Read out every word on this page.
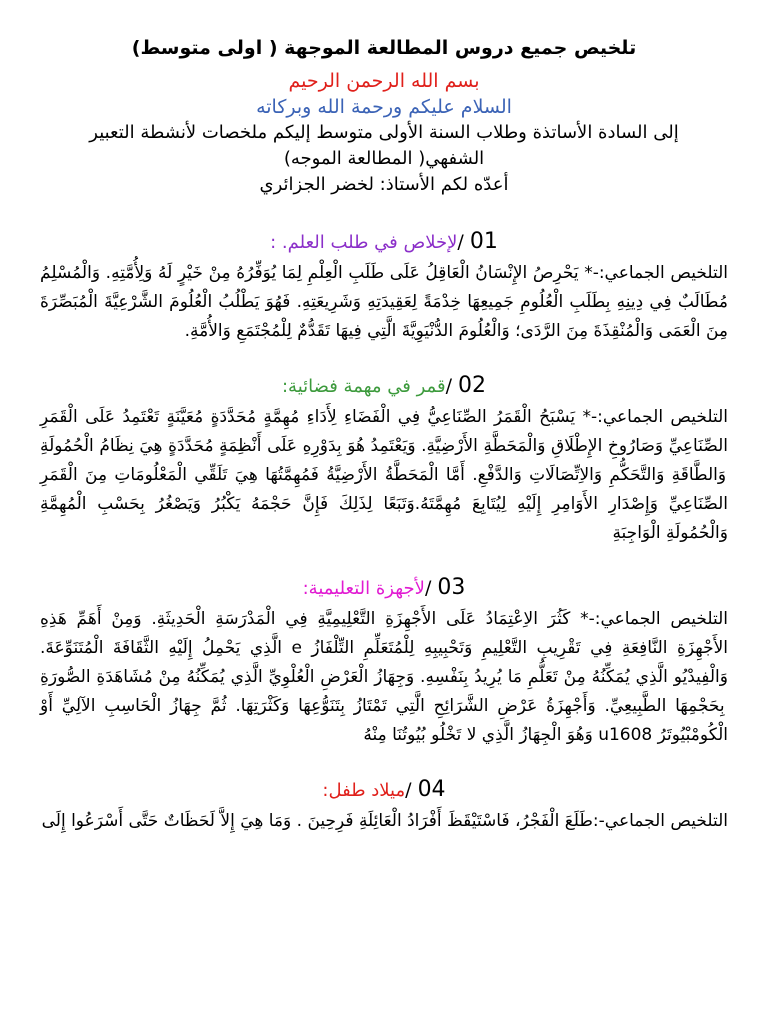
تلخيص جميع دروس المطالعة الموجهة ( اولى متوسط)

بسم الله الرحمن الرحيم

السلام عليكم ورحمة الله وبركاته

إلى السادة الأساتذة وطلاب السنة الأولى متوسط إليكم ملخصات لأنشطة التعبير

الشفهي( المطالعة الموجه)

أعدّه لكم الأستاذ: لخضر الجزائري

01 /لإخلاص في طلب العلم. :

التلخيص الجماعي:-* يَحْرِصُ الإِنْسَانُ الْعَاقِلُ عَلَى طَلَبِ الْعِلْمِ لِمَا يُوَفِّرُهُ مِنْ خَيْرٍ لَهُ وَلِأُمَّتِهِ. وَالْمُسْلِمُ مُطَالَبٌ فِي دِينِهِ بِطَلَبِ الْعُلُومِ جَمِيعِهَا خِدْمَةً لِعَقِيدَتِهِ وَشَرِيعَتِهِ. فَهُوَ يَطْلُبُ الْعُلُومَ الشَّرْعِيَّةَ الْمُبَصِّرَةَ مِنَ الْعَمَى وَالْمُنْقِذَةَ مِنَ الرَّدَى؛ وَالْعُلُومَ الدُّنْيَوِيَّةَ الَّتِي فِيهَا تَقَدُّمٌ لِلْمُجْتَمَعِ وَالأُمَّةِ.

02 /قمر في مهمة فضائية:

التلخيص الجماعي:-* يَسْبَحُ الْقَمَرُ الصِّنَاعِيُّ فِي الْفَضَاءِ لِأَدَاءِ مُهِمَّةٍ مُحَدَّدَةٍ مُعَيَّنَةٍ تَعْتَمِدُ عَلَى الْقَمَرِ الصِّنَاعِيِّ وَصَارُوخِ الإِطْلَاقِ وَالْمَحَطَّةِ الأَرْضِيَّةِ. وَيَعْتَمِدُ هُوَ بِدَوْرِهِ عَلَى أَنْظِمَةٍ مُحَدَّدَةٍ هِيَ نِظَامُ الْحُمُولَةِ وَالطَّاقَةِ وَالتَّحَكُّمِ وَالاِتِّصَالَاتِ وَالدَّفْعِ. أَمَّا الْمَحَطَّةُ الأَرْضِيَّةُ فَمُهِمَّتُهَا هِيَ تَلَقِّي الْمَعْلُومَاتِ مِنَ الْقَمَرِ الصِّنَاعِيِّ وَإِصْدَارِ الأَوَامِرِ إِلَيْهِ لِيُتَابِعَ مُهِمَّتَهُ.وَتَبَعًا لِذَلِكَ فَإِنَّ حَجْمَهُ يَكْبُرُ وَيَصْغُرُ بِحَسْبِ الْمُهِمَّةِ وَالْحُمُولَةِ الْوَاجِبَةِ

03 /لأجهزة التعليمية:

التلخيص الجماعي:-* كَثُرَ الاِعْتِمَادُ عَلَى الأَجْهِزَةِ التَّعْلِيمِيَّةِ فِي الْمَدْرَسَةِ الْحَدِيثَةِ. وَمِنْ أَهَمِّ هَذِهِ الأَجْهِزَةِ النَّافِعَةِ فِي تَقْرِيبِ التَّعْلِيمِ وَتَحْبِيبِهِ لِلْمُتَعَلِّمِ التِّلْفَازُ e الَّذِي يَحْمِلُ إِلَيْهِ الثَّقَافَةَ الْمُتَنَوِّعَةَ. وَالْفِيدْيُو الَّذِي يُمَكِّنُهُ مِنْ تَعَلُّمِ مَا يُرِيدُ بِنَفْسِهِ. وَجِهَازُ الْعَرْضِ الْعُلْوِيِّ الَّذِي يُمَكِّنُهُ مِنْ مُشَاهَدَةِ الصُّورَةِ بِحَجْمِهَا الطَّبِيعِيِّ. وَأَجْهِزَةُ عَرْضِ الشَّرَائِحِ الَّتِي تَمْتَازُ بِتَنَوُّعِهَا وَكَثْرَتِهَا. ثُمَّ جِهَازُ الْحَاسِبِ الآلِيِّ أَوْ الْكُومْبْيُوتَرُ u1608 وَهُوَ الْجِهَازُ الَّذِي لا تَخْلُو بُيُوتُنَا مِنْهُ

04 /ميلاد طفل:

التلخيص الجماعي-:طَلَعَ الْفَجْرُ، فَاسْتَيْقَظَ أَفْرَادُ الْعَائِلَةِ فَرِحِينَ . وَمَا هِيَ إِلاَّ لَحَظَاتٌ حَتَّى أَسْرَعُوا إِلَى
